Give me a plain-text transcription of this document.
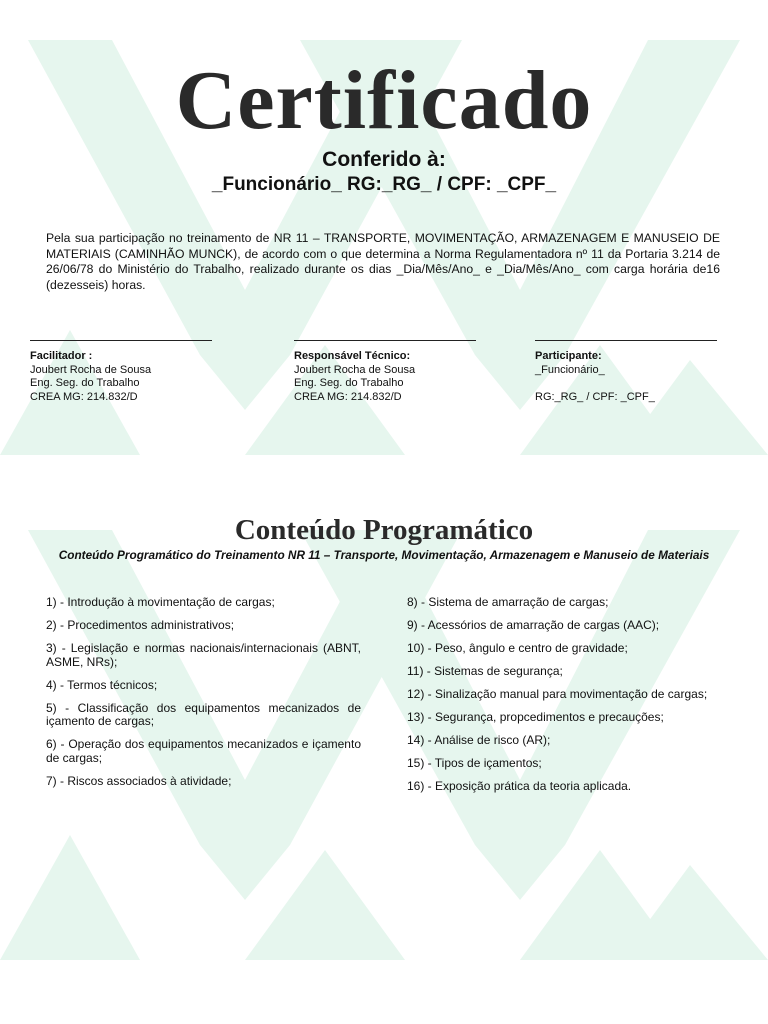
Certificado
Conferido à:
_Funcionário_ RG:_RG_ / CPF: _CPF_
Pela sua participação no treinamento de NR 11 – TRANSPORTE, MOVIMENTAÇÃO, ARMAZENAGEM E MANUSEIO DE MATERIAIS (CAMINHÃO MUNCK), de acordo com o que determina a Norma Regulamentadora nº 11 da Portaria 3.214 de 26/06/78 do Ministério do Trabalho, realizado durante os dias _Dia/Mês/Ano_ e _Dia/Mês/Ano_ com carga horária de16 (dezesseis) horas.
Facilitador :
Joubert Rocha de Sousa
Eng. Seg. do Trabalho
CREA MG: 214.832/D
Responsável Técnico:
Joubert Rocha de Sousa
Eng. Seg. do Trabalho
CREA MG: 214.832/D
Participante:
_Funcionário_
RG:_RG_ / CPF: _CPF_
Conteúdo Programático
Conteúdo Programático do Treinamento NR 11 – Transporte, Movimentação, Armazenagem e Manuseio de Materiais
1) - Introdução à movimentação de cargas;
2) - Procedimentos administrativos;
3) - Legislação e normas nacionais/internacionais (ABNT, ASME, NRs);
4) - Termos técnicos;
5) - Classificação dos equipamentos mecanizados de içamento de cargas;
6) - Operação dos equipamentos mecanizados e içamento de cargas;
7) - Riscos associados à atividade;
8) - Sistema de amarração de cargas;
9) - Acessórios de amarração de cargas (AAC);
10) - Peso, ângulo e centro de gravidade;
11) - Sistemas de segurança;
12) - Sinalização manual para movimentação de cargas;
13) - Segurança, propcedimentos e precauções;
14) - Análise de risco (AR);
15) - Tipos de içamentos;
16) - Exposição prática da teoria aplicada.
